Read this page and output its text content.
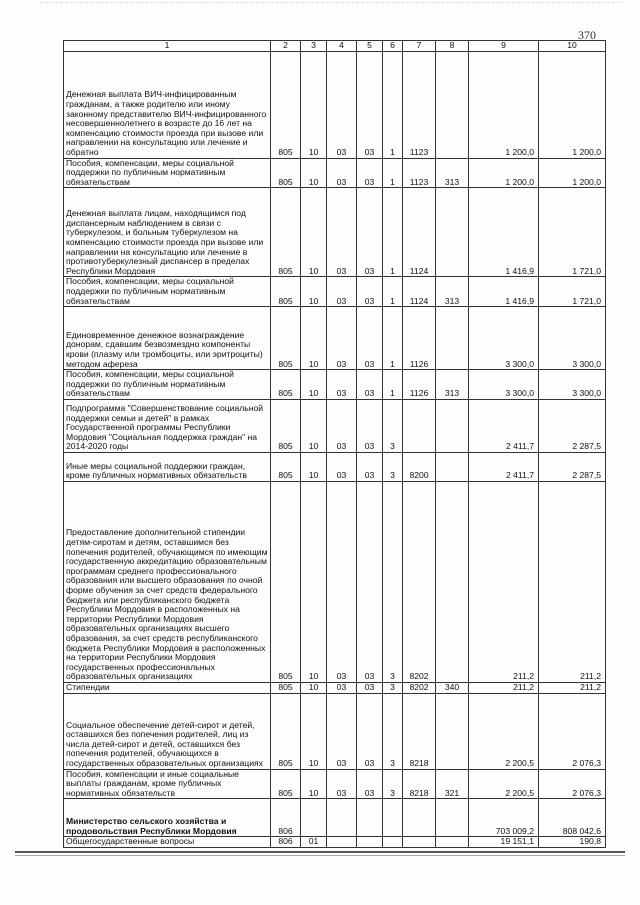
370
1	2	3	4	5	6	7	8	9	10
Денежная выплата ВИЧ-инфицированным гражданам, а также родителю или иному законному представителю ВИЧ-инфицированного несовершеннолетнего в возрасте до 16 лет на компенсацию стоимости проезда при вызове или направлении на консультацию или лечение и обратно	805	10	03	03	1	1123		1 200,0	1 200,0
Пособия, компенсации, меры социальной поддержки по публичным нормативным обязательствам	805	10	03	03	1	1123	313	1 200,0	1 200,0
Денежная выплата лицам, находящимся под диспансерным наблюдением в связи с туберкулезом, и больным туберкулезом на компенсацию стоимости проезда при вызове или направлении на консультацию или лечение в противотуберкулезный диспансер в пределах Республики Мордовия	805	10	03	03	1	1124		1 416,9	1 721,0
Пособия, компенсации, меры социальной поддержки по публичным нормативным обязательствам	805	10	03	03	1	1124	313	1 416,9	1 721,0
Единовременное денежное вознаграждение донорам, сдавшим безвозмездно компоненты крови (плазму или тромбоциты, или эритроциты) методом афереза	805	10	03	03	1	1126		3 300,0	3 300,0
Пособия, компенсации, меры социальной поддержки по публичным нормативным обязательствам	805	10	03	03	1	1126	313	3 300,0	3 300,0
Подпрограмма "Совершенствование социальной поддержки семьи и детей" в рамках Государственной программы Республики Мордовия "Социальная поддержка граждан" на 2014-2020 годы	805	10	03	03	3			2 411,7	2 287,5
Иные меры социальной поддержки граждан, кроме публичных нормативных обязательств	805	10	03	03	3	8200		2 411,7	2 287,5
Предоставление дополнительной стипендии детям-сиротам и детям, оставшимся без попечения родителей, обучающимся по имеющим государственную аккредитацию образовательным программам среднего профессионального образования или высшего образования по очной форме обучения за счет средств федерального бюджета или республиканского бюджета Республики Мордовия в расположенных на территории Республики Мордовия образовательных организациях высшего образования, за счет средств республиканского бюджета Республики Мордовия в расположенных на территории Республики Мордовия государственных профессиональных образовательных организациях	805	10	03	03	3	8202		211,2	211,2
Стипендии	805	10	03	03	3	8202	340	211,2	211,2
Социальное обеспечение детей-сирот и детей, оставшихся без попечения родителей, лиц из числа детей-сирот и детей, оставшихся без попечения родителей, обучающихся в государственных образовательных организациях	805	10	03	03	3	8218		2 200,5	2 076,3
Пособия, компенсации и иные социальные выплаты гражданам, кроме публичных нормативных обязательств	805	10	03	03	3	8218	321	2 200,5	2 076,3
Министерство сельского хозяйства и продовольствия Республики Мордовия	806							703 009,2	808 042,6
Общегосударственные вопросы	806	01						19 151,1	190,8
